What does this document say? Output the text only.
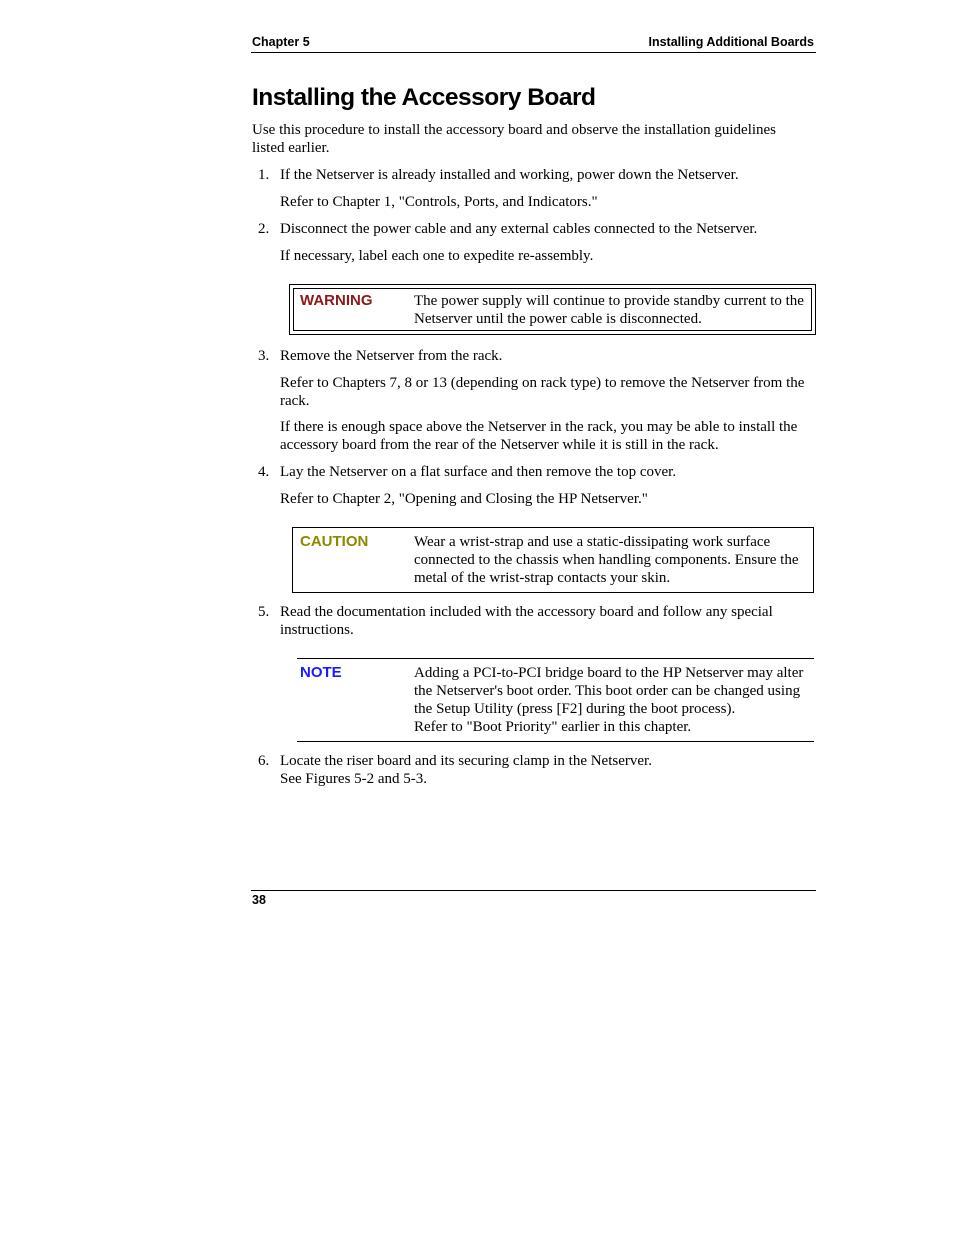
Chapter 5	Installing Additional Boards
Installing the Accessory Board

Use this procedure to install the accessory board and observe the installation guidelines listed earlier.

1. If the Netserver is already installed and working, power down the Netserver.

Refer to Chapter 1, "Controls, Ports, and Indicators."

2. Disconnect the power cable and any external cables connected to the Netserver.

If necessary, label each one to expedite re-assembly.

WARNING	The power supply will continue to provide standby current to the Netserver until the power cable is disconnected.
3. Remove the Netserver from the rack.

Refer to Chapters 7, 8 or 13 (depending on rack type) to remove the Netserver from the rack.

If there is enough space above the Netserver in the rack, you may be able to install the accessory board from the rear of the Netserver while it is still in the rack.

4. Lay the Netserver on a flat surface and then remove the top cover.

Refer to Chapter 2, "Opening and Closing the HP Netserver."

CAUTION	Wear a wrist-strap and use a static-dissipating work surface connected to the chassis when handling components. Ensure the metal of the wrist-strap contacts your skin.
5. Read the documentation included with the accessory board and follow any special instructions.

NOTE	Adding a PCI-to-PCI bridge board to the HP Netserver may alter the Netserver's boot order. This boot order can be changed using the Setup Utility (press [F2] during the boot process).
Refer to "Boot Priority" earlier in this chapter.
6. Locate the riser board and its securing clamp in the Netserver.

See Figures 5-2 and 5-3.

38
